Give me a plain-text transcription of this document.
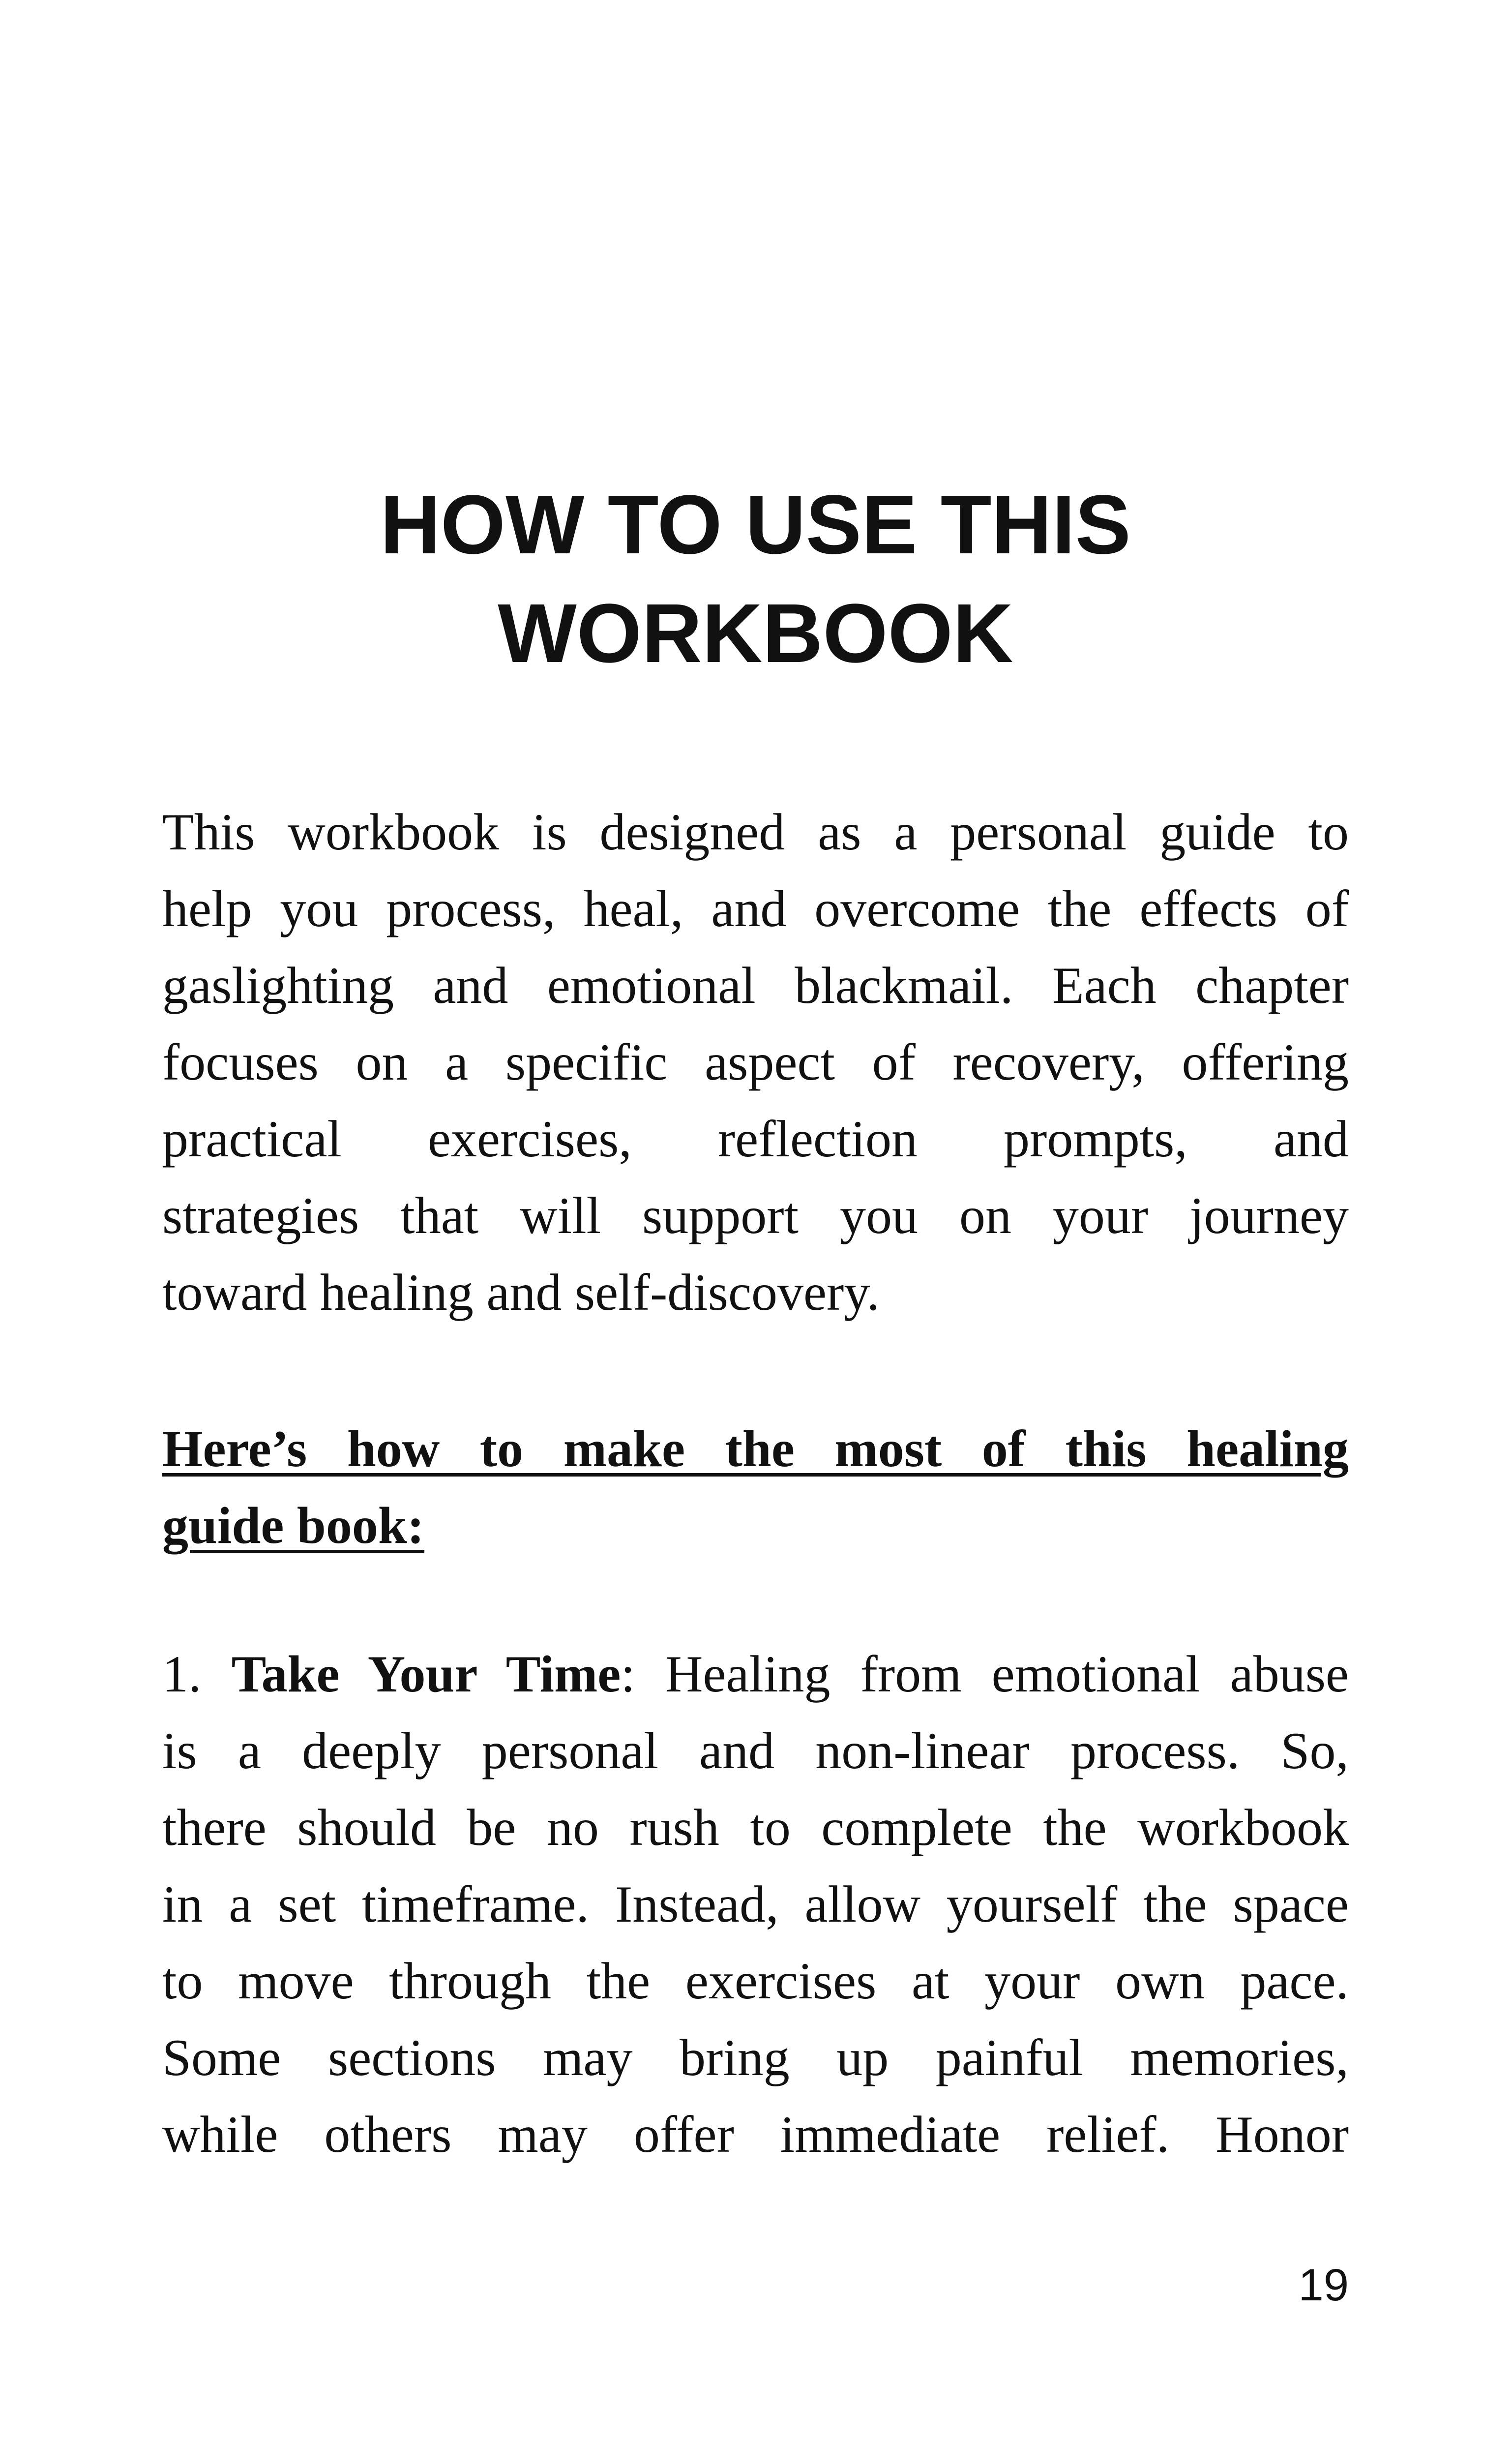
HOW TO USE THIS
WORKBOOK
This workbook is designed as a personal guide to
help you process, heal, and overcome the effects of
gaslighting and emotional blackmail. Each chapter
focuses on a specific aspect of recovery, offering
practical exercises, reflection prompts, and
strategies that will support you on your journey
toward healing and self-discovery.
Here’s how to make the most of this healing
guide book:
1. Take Your Time: Healing from emotional abuse
is a deeply personal and non-linear process. So,
there should be no rush to complete the workbook
in a set timeframe. Instead, allow yourself the space
to move through the exercises at your own pace.
Some sections may bring up painful memories,
while others may offer immediate relief. Honor
19
